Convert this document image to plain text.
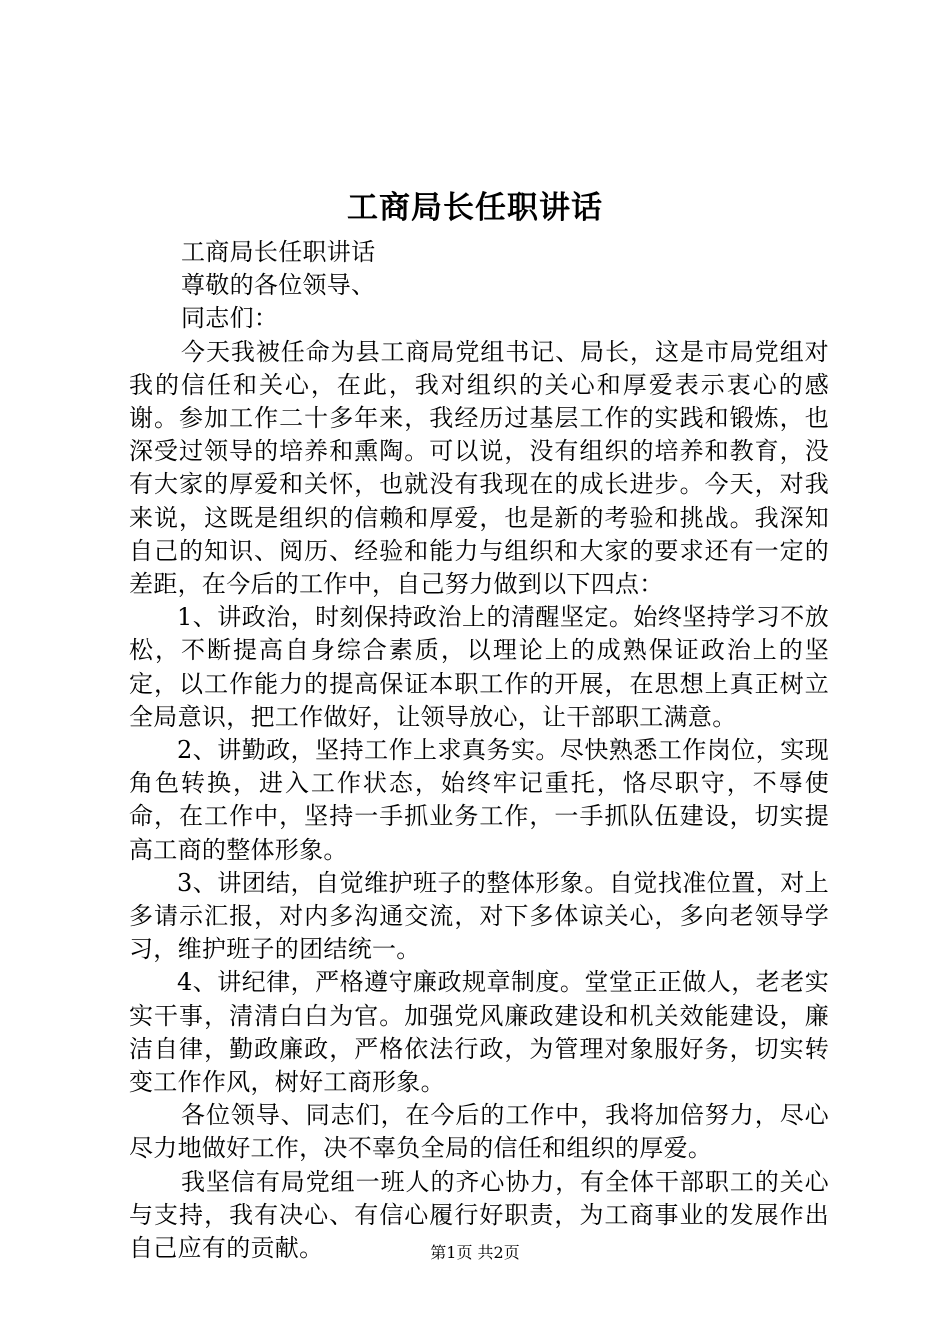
工商局长任职讲话

工商局长任职讲话

尊敬的各位领导、

同志们：

今天我被任命为县工商局党组书记、局长，这是市局党组对我的信任和关心，在此，我对组织的关心和厚爱表示衷心的感谢。参加工作二十多年来，我经历过基层工作的实践和锻炼，也深受过领导的培养和熏陶。可以说，没有组织的培养和教育，没有大家的厚爱和关怀，也就没有我现在的成长进步。今天，对我来说，这既是组织的信赖和厚爱，也是新的考验和挑战。我深知自己的知识、阅历、经验和能力与组织和大家的要求还有一定的差距，在今后的工作中，自己努力做到以下四点：

1、讲政治，时刻保持政治上的清醒坚定。始终坚持学习不放松，不断提高自身综合素质，以理论上的成熟保证政治上的坚定，以工作能力的提高保证本职工作的开展，在思想上真正树立全局意识，把工作做好，让领导放心，让干部职工满意。

2、讲勤政，坚持工作上求真务实。尽快熟悉工作岗位，实现角色转换，进入工作状态，始终牢记重托，恪尽职守，不辱使命，在工作中，坚持一手抓业务工作，一手抓队伍建设，切实提高工商的整体形象。

3、讲团结，自觉维护班子的整体形象。自觉找准位置，对上多请示汇报，对内多沟通交流，对下多体谅关心，多向老领导学习，维护班子的团结统一。

4、讲纪律，严格遵守廉政规章制度。堂堂正正做人，老老实实干事，清清白白为官。加强党风廉政建设和机关效能建设，廉洁自律，勤政廉政，严格依法行政，为管理对象服好务，切实转变工作作风，树好工商形象。

各位领导、同志们，在今后的工作中，我将加倍努力，尽心尽力地做好工作，决不辜负全局的信任和组织的厚爱。

我坚信有局党组一班人的齐心协力，有全体干部职工的关心与支持，我有决心、有信心履行好职责，为工商事业的发展作出自己应有的贡献。	第1页 共2页
